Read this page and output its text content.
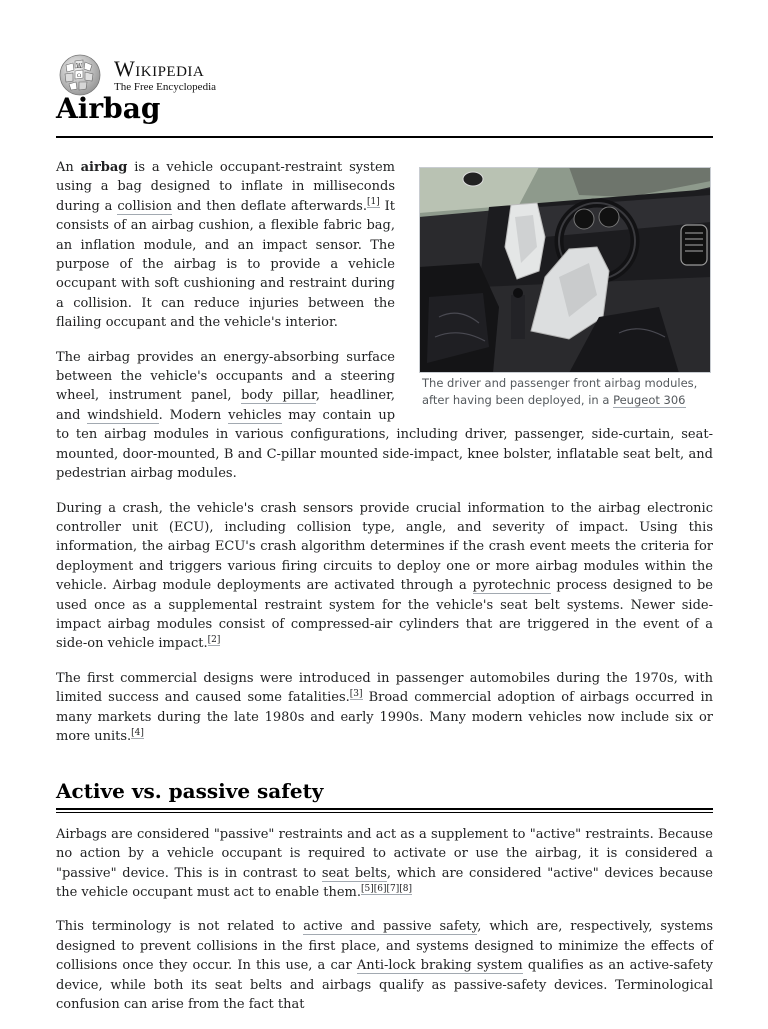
W
Ω Wikipedia
The Free Encyclopedia
Airbag
The driver and passenger front airbag modules, after having been deployed, in a Peugeot 306

An airbag is a vehicle occupant-restraint system using a bag designed to inflate in milliseconds during a collision and then deflate afterwards.[1] It consists of an airbag cushion, a flexible fabric bag, an inflation module, and an impact sensor. The purpose of the airbag is to provide a vehicle occupant with soft cushioning and restraint during a collision. It can reduce injuries between the flailing occupant and the vehicle's interior.

The airbag provides an energy-absorbing surface between the vehicle's occupants and a steering wheel, instrument panel, body pillar, headliner, and windshield. Modern vehicles may contain up to ten airbag modules in various configurations, including driver, passenger, side-curtain, seat-mounted, door-mounted, B and C-pillar mounted side-impact, knee bolster, inflatable seat belt, and pedestrian airbag modules.

During a crash, the vehicle's crash sensors provide crucial information to the airbag electronic controller unit (ECU), including collision type, angle, and severity of impact. Using this information, the airbag ECU's crash algorithm determines if the crash event meets the criteria for deployment and triggers various firing circuits to deploy one or more airbag modules within the vehicle. Airbag module deployments are activated through a pyrotechnic process designed to be used once as a supplemental restraint system for the vehicle's seat belt systems. Newer side-impact airbag modules consist of compressed-air cylinders that are triggered in the event of a side-on vehicle impact.[2]

The first commercial designs were introduced in passenger automobiles during the 1970s, with limited success and caused some fatalities.[3] Broad commercial adoption of airbags occurred in many markets during the late 1980s and early 1990s. Many modern vehicles now include six or more units.[4]

Active vs. passive safety

Airbags are considered "passive" restraints and act as a supplement to "active" restraints. Because no action by a vehicle occupant is required to activate or use the airbag, it is considered a "passive" device. This is in contrast to seat belts, which are considered "active" devices because the vehicle occupant must act to enable them.[5][6][7][8]

This terminology is not related to active and passive safety, which are, respectively, systems designed to prevent collisions in the first place, and systems designed to minimize the effects of collisions once they occur. In this use, a car Anti-lock braking system qualifies as an active-safety device, while both its seat belts and airbags qualify as passive-safety devices. Terminological confusion can arise from the fact that
